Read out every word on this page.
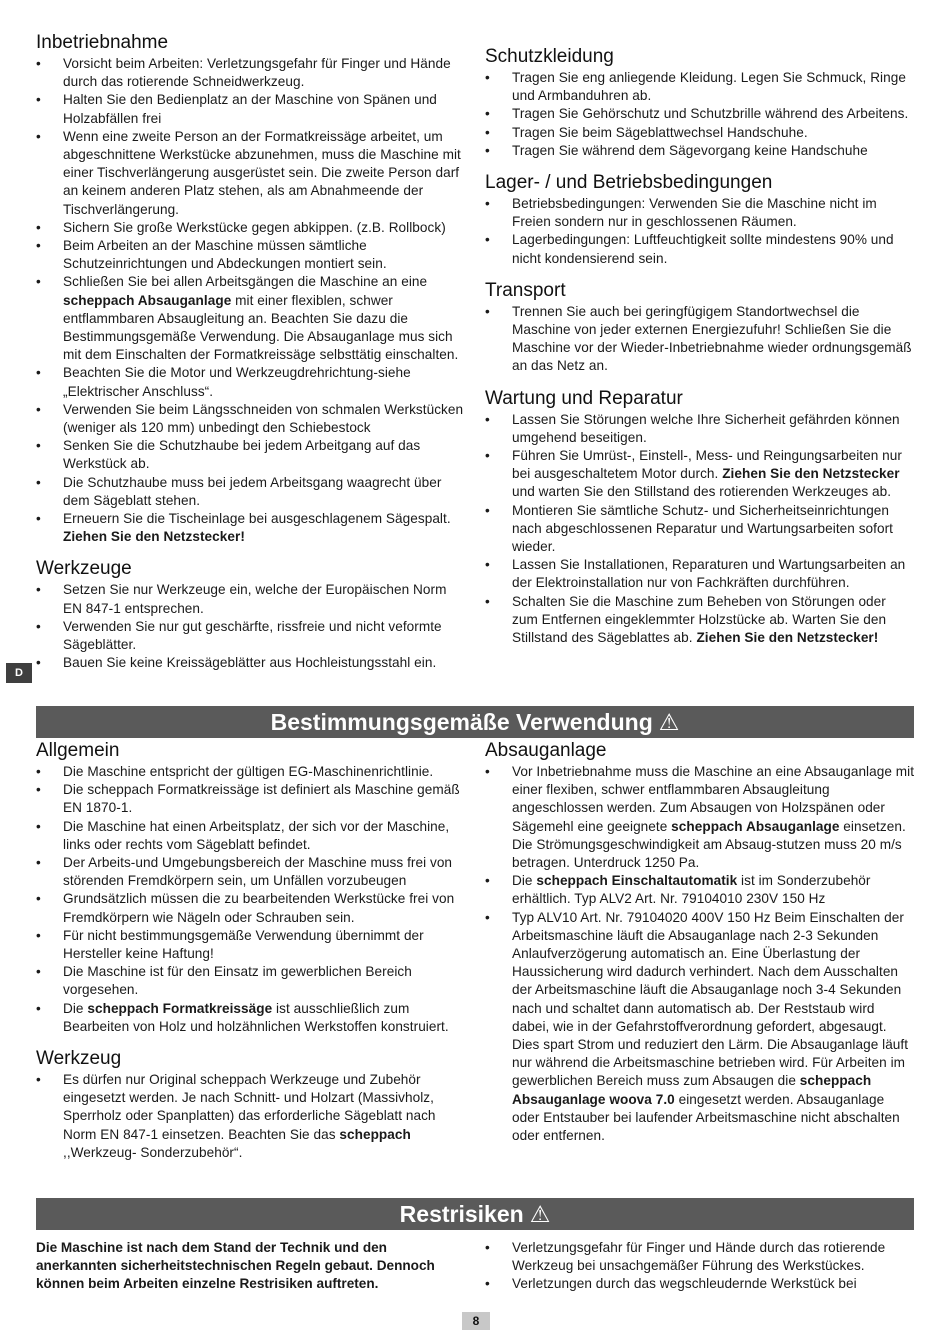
Inbetriebnahme
• Vorsicht beim Arbeiten: Verletzungsgefahr für Finger und Hände durch das rotierende Schneidwerkzeug.
• Halten Sie den Bedienplatz an der Maschine von Spänen und Holzabfällen frei
• Wenn eine zweite Person an der Formatkreissäge arbeitet, um abgeschnittene Werkstücke abzunehmen, muss die Maschine mit einer Tischverlängerung ausgerüstet sein. Die zweite Person darf an keinem anderen Platz stehen, als am Abnahmeende der Tischverlängerung.
• Sichern Sie große Werkstücke gegen abkippen. (z.B. Rollbock)
• Beim Arbeiten an der Maschine müssen sämtliche Schutzeinrichtungen und Abdeckungen montiert sein.
• Schließen Sie bei allen Arbeitsgängen die Maschine an eine scheppach Absauganlage mit einer flexiblen, schwer entflammbaren Absaugleitung an. Beachten Sie dazu die Bestimmungsgemäße Verwendung. Die Absauganlage mus sich mit dem Einschalten der Formatkreissäge selbsttätig einschalten.
• Beachten Sie die Motor und Werkzeugdrehrichtung-siehe „Elektrischer Anschluss“.
• Verwenden Sie beim Längsschneiden von schmalen Werkstücken (weniger als 120 mm) unbedingt den Schiebestock
• Senken Sie die Schutzhaube bei jedem Arbeitgang auf das Werkstück ab.
• Die Schutzhaube muss bei jedem Arbeitsgang waagrecht über dem Sägeblatt stehen.
• Erneuern Sie die Tischeinlage bei ausgeschlagenem Sägespalt. Ziehen Sie den Netzstecker!
Werkzeuge
• Setzen Sie nur Werkzeuge ein, welche der Europäischen Norm EN 847-1 entsprechen.
• Verwenden Sie nur gut geschärfte, rissfreie und nicht veformte Sägeblätter.
• Bauen Sie keine Kreissägeblätter aus Hochleistungsstahl ein.
Schutzkleidung
• Tragen Sie eng anliegende Kleidung. Legen Sie Schmuck, Ringe und Armbanduhren ab.
• Tragen Sie Gehörschutz und Schutzbrille während des Arbeitens.
• Tragen Sie beim Sägeblattwechsel Handschuhe.
• Tragen Sie während dem Sägevorgang keine Handschuhe
Lager- / und Betriebsbedingungen
• Betriebsbedingungen: Verwenden Sie die Maschine nicht im Freien sondern nur in geschlossenen Räumen.
• Lagerbedingungen: Luftfeuchtigkeit sollte mindestens 90% und nicht kondensierend sein.
Transport
• Trennen Sie auch bei geringfügigem Standortwechsel die Maschine von jeder externen Energiezufuhr! Schließen Sie die Maschine vor der Wieder-Inbetriebnahme wieder ordnungsgemäß an das Netz an.
Wartung und Reparatur
• Lassen Sie Störungen welche Ihre Sicherheit gefährden können umgehend beseitigen.
• Führen Sie Umrüst-, Einstell-, Mess- und Reingungsarbeiten nur bei ausgeschaltetem Motor durch. Ziehen Sie den Netzstecker und warten Sie den Stillstand des rotierenden Werkzeuges ab.
• Montieren Sie sämtliche Schutz- und Sicherheitseinrichtungen nach abgeschlossenen Reparatur und Wartungsarbeiten sofort wieder.
• Lassen Sie Installationen, Reparaturen und Wartungsarbeiten an der Elektroinstallation nur von Fachkräften durchführen.
• Schalten Sie die Maschine zum Beheben von Störungen oder zum Entfernen eingeklemmter Holzstücke ab. Warten Sie den Stillstand des Sägeblattes ab. Ziehen Sie den Netzstecker!
D
Bestimmungsgemäße Verwendung ⚠
Allgemein
• Die Maschine entspricht der gültigen EG-Maschinenrichtlinie.
• Die scheppach Formatkreissäge ist definiert als Maschine gemäß EN 1870-1.
• Die Maschine hat einen Arbeitsplatz, der sich vor der Maschine, links oder rechts vom Sägeblatt befindet.
• Der Arbeits-und Umgebungsbereich der Maschine muss frei von störenden Fremdkörpern sein, um Unfällen vorzubeugen
• Grundsätzlich müssen die zu bearbeitenden Werkstücke frei von Fremdkörpern wie Nägeln oder Schrauben sein.
• Für nicht bestimmungsgemäße Verwendung übernimmt der Hersteller keine Haftung!
• Die Maschine ist für den Einsatz im gewerblichen Bereich vorgesehen.
• Die scheppach Formatkreissäge ist ausschließlich zum Bearbeiten von Holz und holzähnlichen Werkstoffen konstruiert.
Werkzeug
• Es dürfen nur Original scheppach Werkzeuge und Zubehör eingesetzt werden. Je nach Schnitt- und Holzart (Massivholz, Sperrholz oder Spanplatten) das erforderliche Sägeblatt nach Norm EN 847-1 einsetzen. Beachten Sie das scheppach ,,Werkzeug- Sonderzubehör“.
Absauganlage
• Vor Inbetriebnahme muss die Maschine an eine Absauganlage mit einer flexiben, schwer entflammbaren Absaugleitung angeschlossen werden. Zum Absaugen von Holzspänen oder Sägemehl eine geeignete scheppach Absauganlage einsetzen. Die Strömungsgeschwindigkeit am Absaug-stutzen muss 20 m/s betragen. Unterdruck 1250 Pa.
• Die scheppach Einschaltautomatik ist im Sonderzubehör erhältlich. Typ ALV2 Art. Nr. 79104010 230V 150 Hz
• Typ ALV10 Art. Nr. 79104020 400V 150 Hz Beim Einschalten der Arbeitsmaschine läuft die Absauganlage nach 2-3 Sekunden Anlaufverzögerung automatisch an. Eine Überlastung der Haussicherung wird dadurch verhindert. Nach dem Ausschalten der Arbeitsmaschine läuft die Absauganlage noch 3-4 Sekunden nach und schaltet dann automatisch ab. Der Reststaub wird dabei, wie in der Gefahrstoffverordnung gefordert, abgesaugt. Dies spart Strom und reduziert den Lärm. Die Absauganlage läuft nur während die Arbeitsmaschine betrieben wird. Für Arbeiten im gewerblichen Bereich muss zum Absaugen die scheppach Absauganlage woova 7.0 eingesetzt werden. Absauganlage oder Entstauber bei laufender Arbeitsmaschine nicht abschalten oder entfernen.
Restrisiken ⚠

Die Maschine ist nach dem Stand der Technik und den anerkannten sicherheitstechnischen Regeln gebaut. Dennoch können beim Arbeiten einzelne Restrisiken auftreten.

• Verletzungsgefahr für Finger und Hände durch das rotierende Werkzeug bei unsachgemäßer Führung des Werkstückes.
• Verletzungen durch das wegschleudernde Werkstück bei
8
